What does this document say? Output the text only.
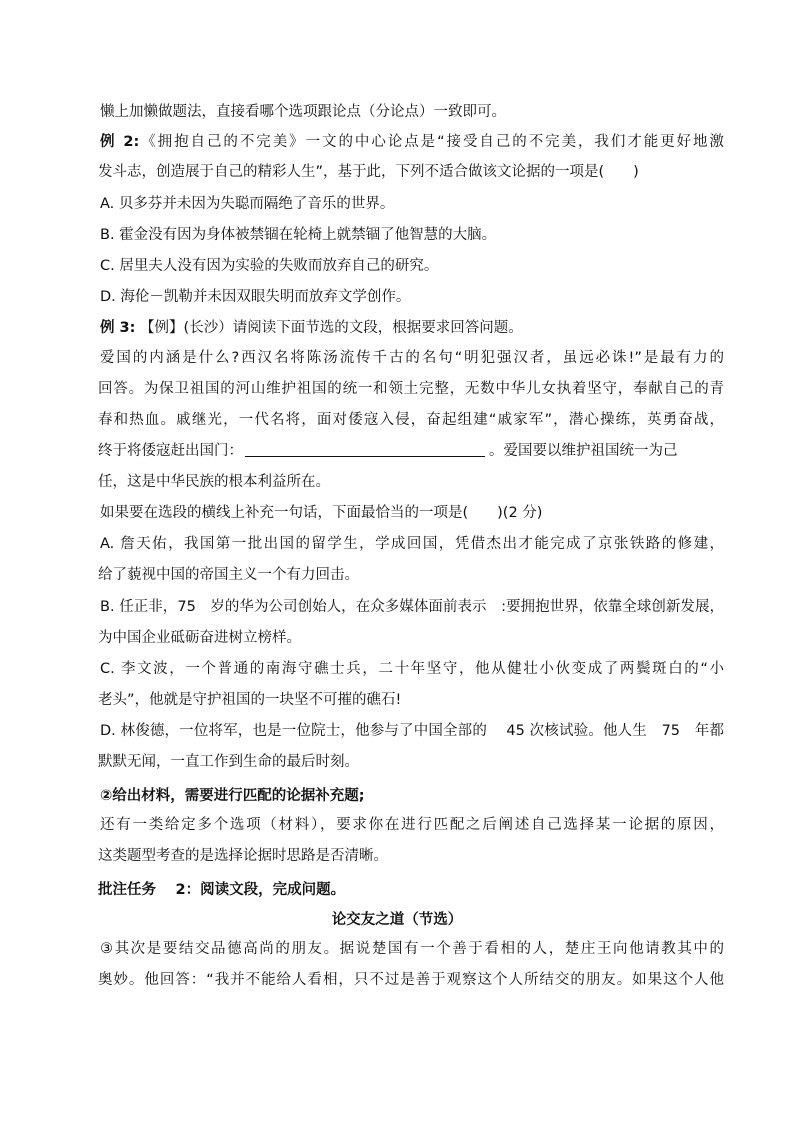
懒上加懒做题法，直接看哪个选项跟论点（分论点）一致即可。
例 2:《拥抱自己的不完美》一文的中心论点是“接受自己的不完美，我们才能更好地激
发斗志，创造展于自己的精彩人生”，基于此，下列不适合做该文论据的一项是(　　)
A. 贝多芬并未因为失聪而隔绝了音乐的世界。
B. 霍金没有因为身体被禁锢在轮椅上就禁锢了他智慧的大脑。
C. 居里夫人没有因为实验的失败而放弃自己的研究。
D. 海伦－凯勒并未因双眼失明而放弃文学创作。
例 3: 【例】(长沙）请阅读下面节选的文段，根据要求回答问题。
爱国的内涵是什么?西汉名将陈汤流传千古的名句“明犯强汉者，虽远必诛!”是最有力的
回答。为保卫祖国的河山维护祖国的统一和领土完整，无数中华儿女执着坚守，奉献自己的青
春和热血。戚继光，一代名将，面对倭寇入侵，奋起组建“戚家军”，潜心操练，英勇奋战，
终于将倭寇赶出国门：	。爱国要以维护祖国统一为己
任，这是中华民族的根本利益所在。
如果要在选段的横线上补充一句话，下面最恰当的一项是(　　)(2 分)
A. 詹天佑，我国第一批出国的留学生，学成回国，凭借杰出才能完成了京张铁路的修建，
给了藐视中国的帝国主义一个有力回击。
B. 任正非，75　岁的华为公司创始人，在众多媒体面前表示　:要拥抱世界，依靠全球创新发展，
为中国企业砥砺奋进树立榜样。
C. 李文波，一个普通的南海守礁士兵，二十年坚守，他从健壮小伙变成了两鬓斑白的“小
老头”，他就是守护祖国的一块坚不可摧的礁石!
D. 林俊德，一位将军，也是一位院士，他参与了中国全部的　 45 次核试验。他人生　75　年都
默默无闻，一直工作到生命的最后时刻。
②给出材料，需要进行匹配的论据补充题;
还有一类给定多个选项（材料），要求你在进行匹配之后阐述自己选择某一论据的原因，
这类题型考查的是选择论据时思路是否清晰。
批注任务　 2：阅读文段，完成问题。
论交友之道（节选）
③其次是要结交品德高尚的朋友。据说楚国有一个善于看相的人，楚庄王向他请教其中的
奥妙。他回答：“我并不能给人看相，只不过是善于观察这个人所结交的朋友。如果这个人他
